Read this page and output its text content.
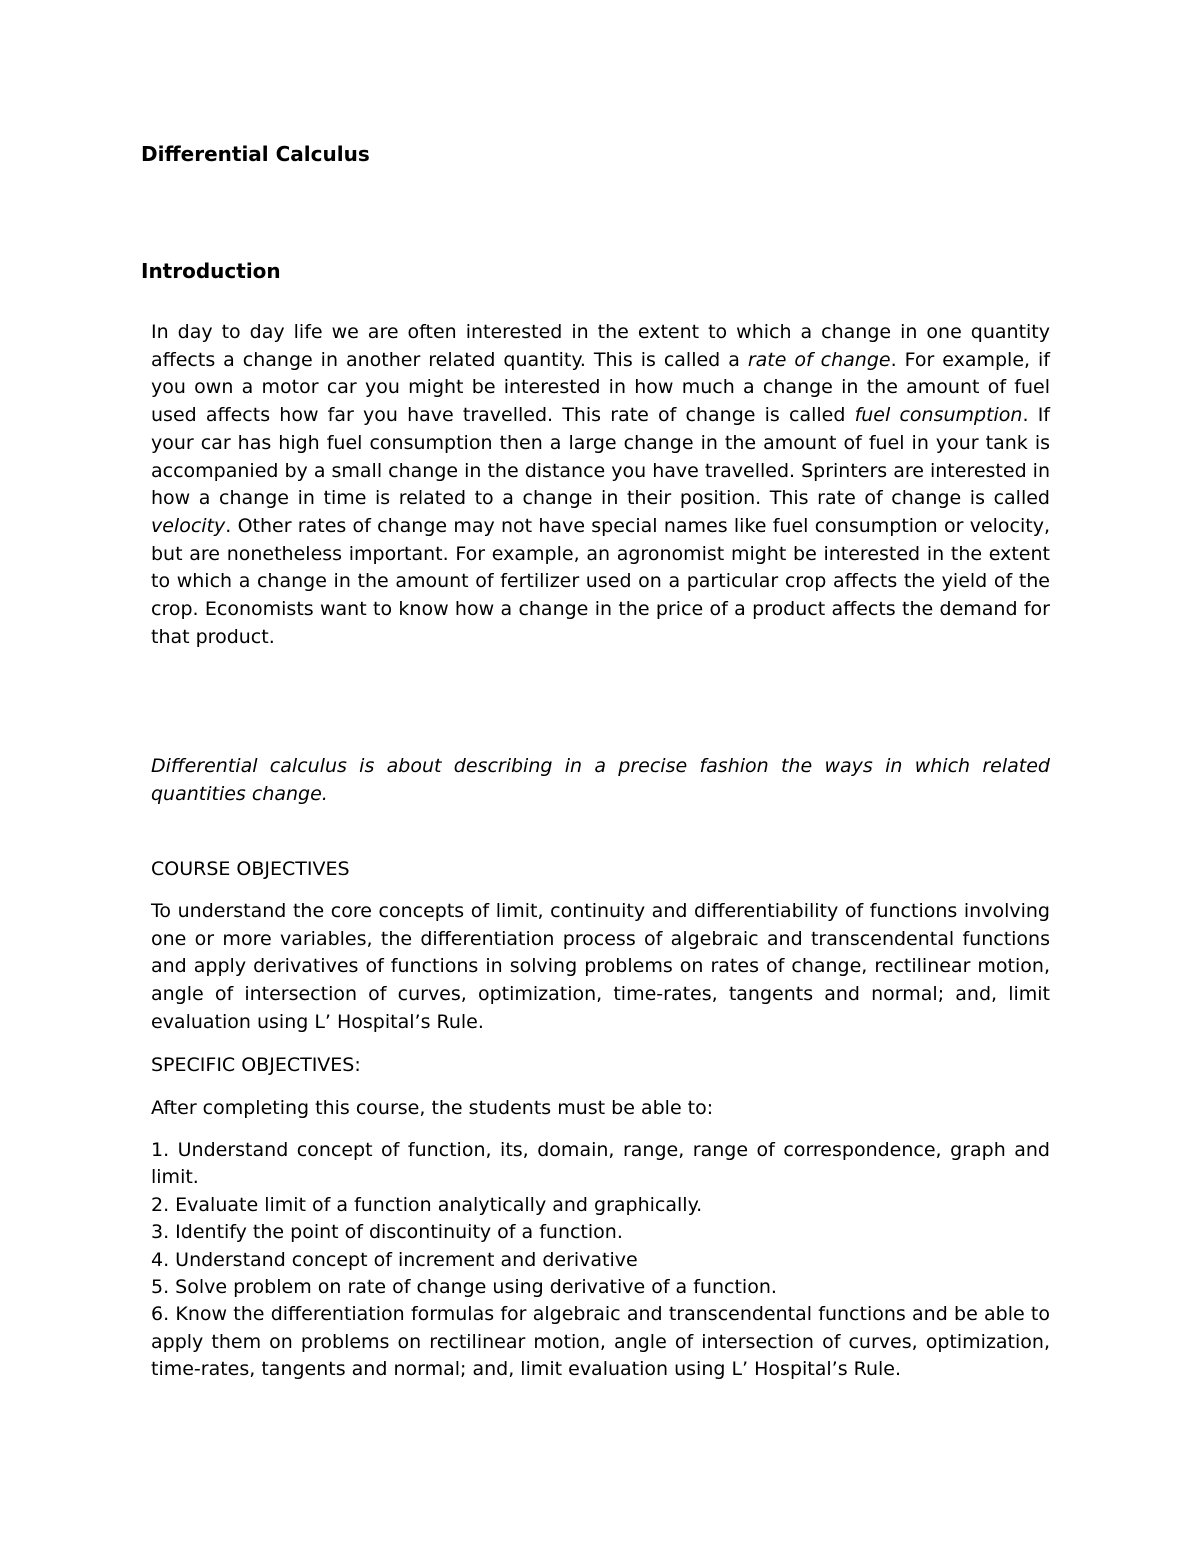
Differential Calculus
Introduction

In day to day life we are often interested in the extent to which a change in one quantity affects a change in another related quantity. This is called a rate of change. For example, if you own a motor car you might be interested in how much a change in the amount of fuel used affects how far you have travelled. This rate of change is called fuel consumption. If your car has high fuel consumption then a large change in the amount of fuel in your tank is accompanied by a small change in the distance you have travelled. Sprinters are interested in how a change in time is related to a change in their position. This rate of change is called velocity. Other rates of change may not have special names like fuel consumption or velocity, but are nonetheless important. For example, an agronomist might be interested in the extent to which a change in the amount of fertilizer used on a particular crop affects the yield of the crop. Economists want to know how a change in the price of a product affects the demand for that product.

Differential calculus is about describing in a precise fashion the ways in which related quantities change.

COURSE OBJECTIVES

To understand the core concepts of limit, continuity and differentiability of functions involving one or more variables, the differentiation process of algebraic and transcendental functions and apply derivatives of functions in solving problems on rates of change, rectilinear motion, angle of intersection of curves, optimization, time-rates, tangents and normal; and, limit evaluation using L’ Hospital’s Rule.

SPECIFIC OBJECTIVES:

After completing this course, the students must be able to:

1. Understand concept of function, its, domain, range, range of correspondence, graph and limit.
2. Evaluate limit of a function analytically and graphically.
3. Identify the point of discontinuity of a function.
4. Understand concept of increment and derivative
5. Solve problem on rate of change using derivative of a function.
6. Know the differentiation formulas for algebraic and transcendental functions and be able to apply them on problems on rectilinear motion, angle of intersection of curves, optimization, time-rates, tangents and normal; and, limit evaluation using L’ Hospital’s Rule.
